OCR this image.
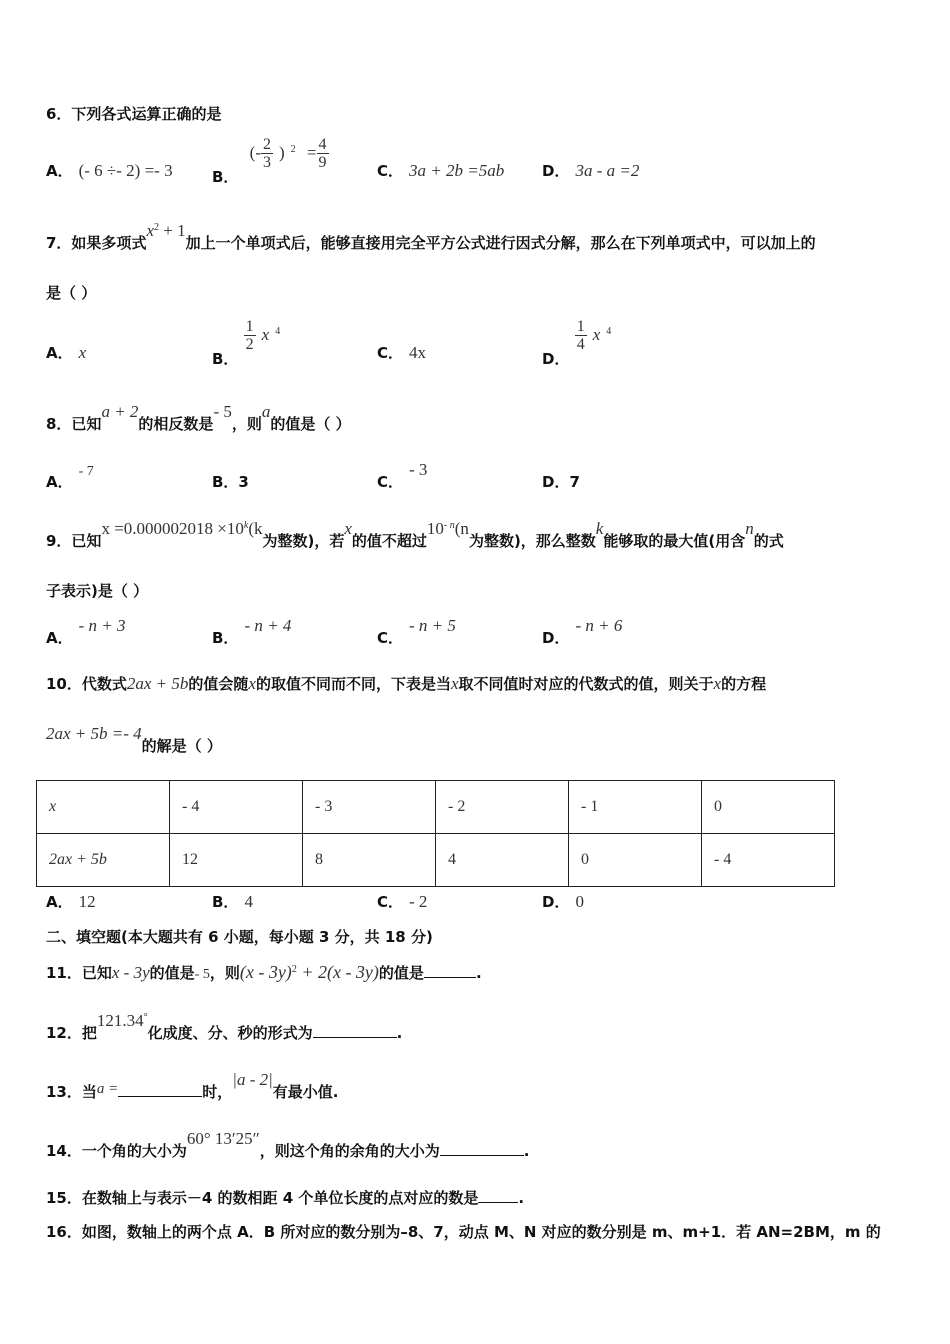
6．下列各式运算正确的是
A． (- 6 ÷- 2) =- 3	B． (- $\frac{2}{3}$ ) $^2 = \frac{4}{9}$	C． 3a + 2b =5ab	D． 3a - a =2
7．如果多项式$x^2 + 1$加上一个单项式后，能够直接用完全平方公式进行因式分解，那么在下列单项式中，可以加上的
是（ ）
A． x	B．
$\frac{1}{2}$ x $^4$
C． 4x	D．
$\frac{1}{4}$ x $^4$
8．已知a + 2的相反数是- 5，则a的值是（ ）
A．- 7
B．3	C．- 3
D．7
9．已知$x =0.000002018 \times 10^k(k$为整数)，若x的值不超过$10^{- n}(n$为整数)，那么整数k能够取的最大值(用含n的式
子表示)是（ ）
A．- n + 3
B．- n + 4
C．- n + 5
D．- n + 6
10．代数式2ax + 5b的值会随x的取值不同而不同，下表是当x取不同值时对应的代数式的值，则关于x的方程
2ax + 5b =- 4的解是（ ）
x	- 4	- 3	- 2	- 1	0
2ax + 5b	12	8	4	0	- 4
A． 12	B． 4	C． - 2	D． 0
二、填空题(本大题共有 6 小题，每小题 3 分，共 18 分)
11．已知x - 3y的值是- 5，则(x - 3y)$^2$ + 2(x - 3y)的值是	.
12．把121.34°化成度、分、秒的形式为	.
13．当a =	时，|a - 2|有最小值.
14．一个角的大小为60° 13′25″，则这个角的余角的大小为	.
15．在数轴上与表示－4 的数相距 4 个单位长度的点对应的数是	.
16．如图，数轴上的两个点 A．B 所对应的数分别为–8、7，动点 M、N 对应的数分别是 m、m+1．若 AN=2BM，m 的
